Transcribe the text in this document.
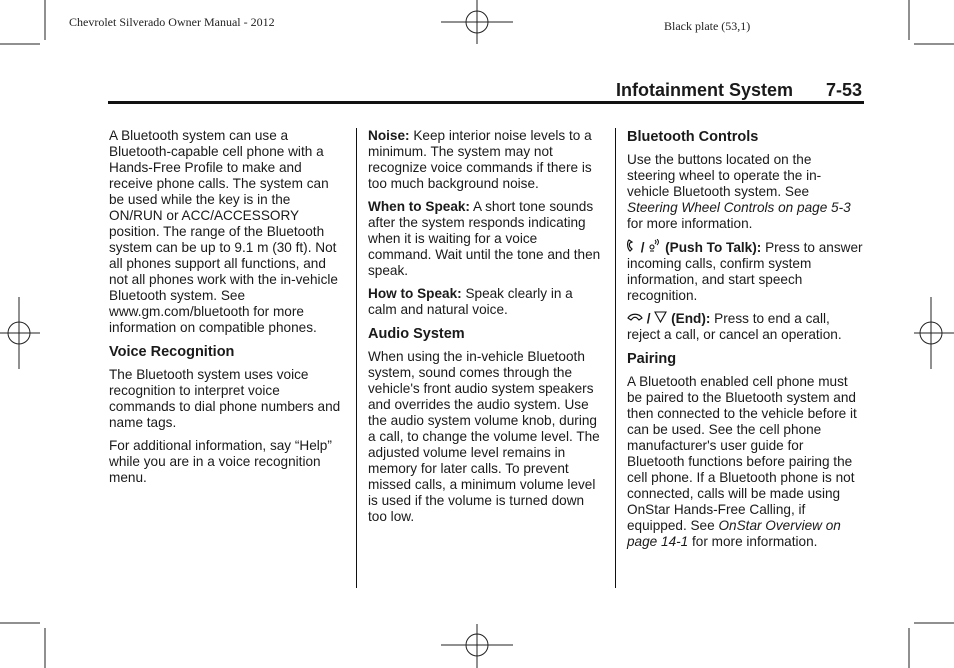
Chevrolet Silverado Owner Manual - 2012	Black plate (53,1)
Infotainment System 7-53

A Bluetooth system can use a Bluetooth-capable cell phone with a Hands-Free Profile to make and receive phone calls. The system can be used while the key is in the ON/RUN or ACC/ACCESSORY position. The range of the Bluetooth system can be up to 9.1 m (30 ft). Not all phones support all functions, and not all phones work with the in-vehicle Bluetooth system. See www.gm.com/bluetooth for more information on compatible phones.

Voice Recognition

The Bluetooth system uses voice recognition to interpret voice commands to dial phone numbers and name tags.

For additional information, say “Help” while you are in a voice recognition menu.

Noise: Keep interior noise levels to a minimum. The system may not recognize voice commands if there is too much background noise.

When to Speak: A short tone sounds after the system responds indicating when it is waiting for a voice command. Wait until the tone and then speak.

How to Speak: Speak clearly in a calm and natural voice.

Audio System

When using the in-vehicle Bluetooth system, sound comes through the vehicle's front audio system speakers and overrides the audio system. Use the audio system volume knob, during a call, to change the volume level. The adjusted volume level remains in memory for later calls. To prevent missed calls, a minimum volume level is used if the volume is turned down too low.

Bluetooth Controls

Use the buttons located on the steering wheel to operate the in-vehicle Bluetooth system. See Steering Wheel Controls on page 5-3 for more information.

/ (Push To Talk): Press to answer incoming calls, confirm system information, and start speech recognition.

/ (End): Press to end a call, reject a call, or cancel an operation.

Pairing

A Bluetooth enabled cell phone must be paired to the Bluetooth system and then connected to the vehicle before it can be used. See the cell phone manufacturer's user guide for Bluetooth functions before pairing the cell phone. If a Bluetooth phone is not connected, calls will be made using OnStar Hands-Free Calling, if equipped. See OnStar Overview on page 14-1 for more information.
